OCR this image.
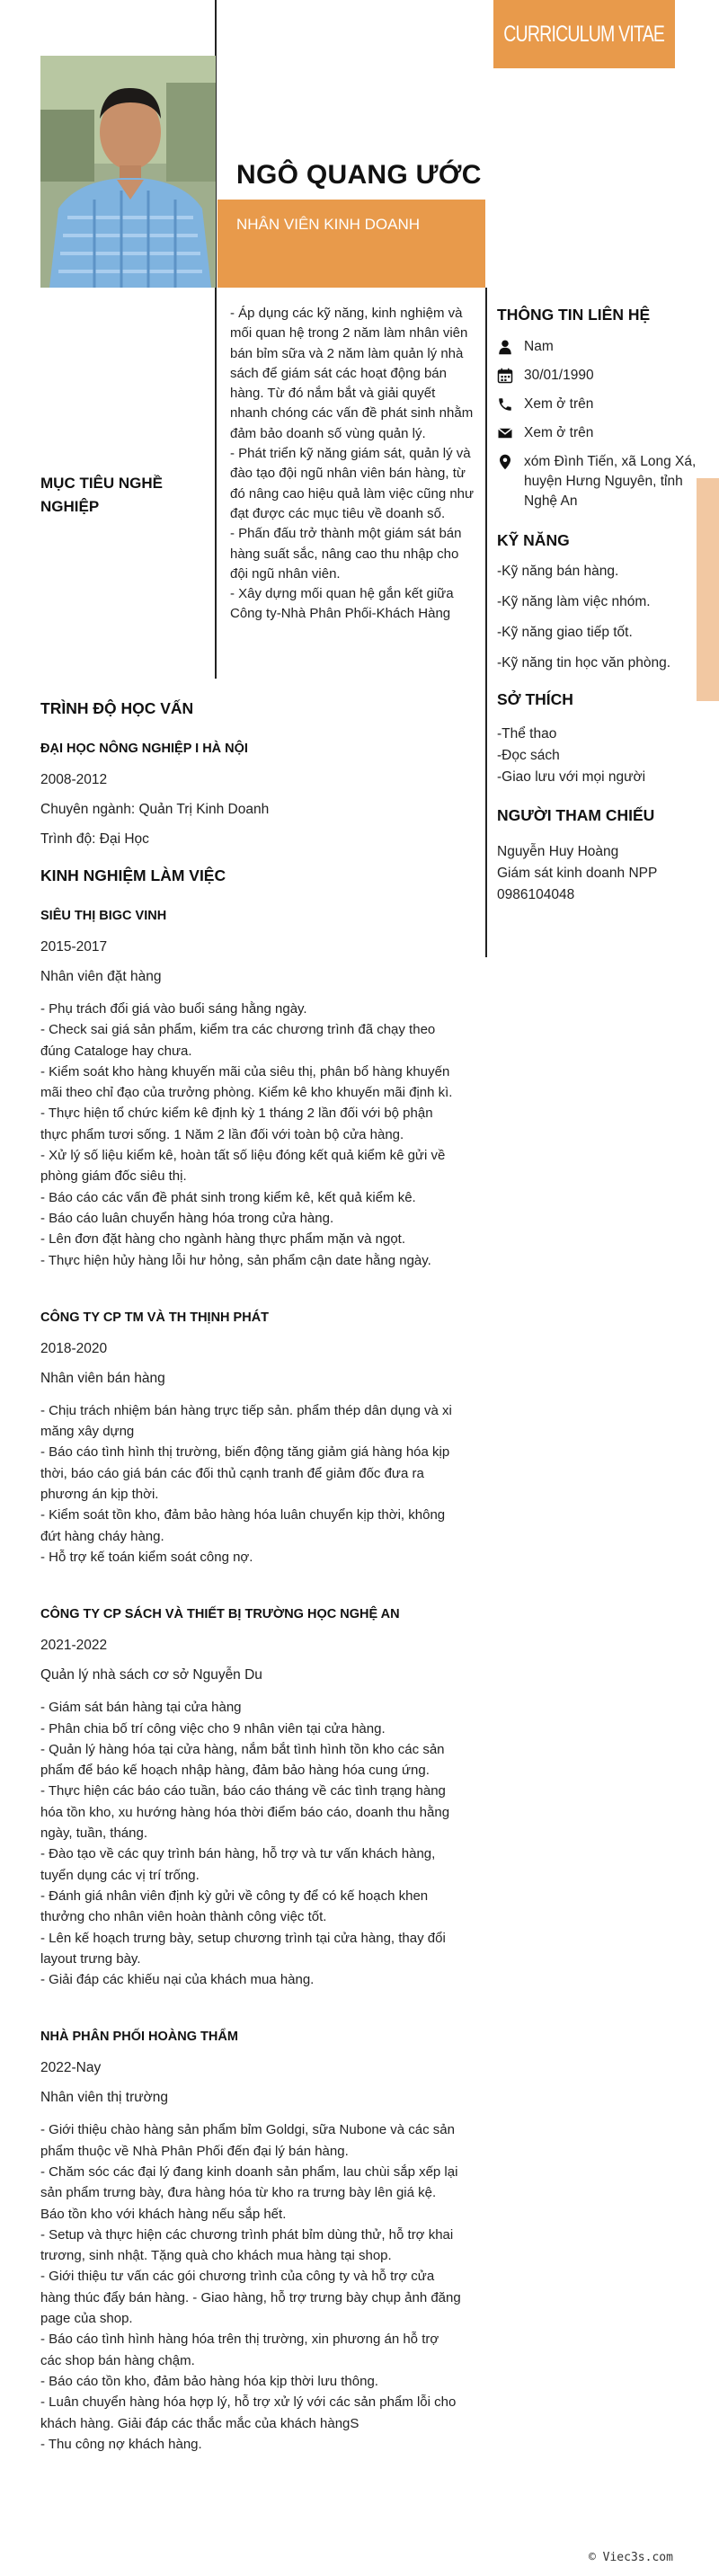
CURRICULUM VITAE
NGÔ QUANG ƯỚC
NHÂN VIÊN KINH DOANH
MỤC TIÊU NGHỀ NGHIỆP

- Áp dụng các kỹ năng, kinh nghiệm và mối quan hệ trong 2 năm làm nhân viên bán bỉm sữa và 2 năm làm quản lý nhà sách để giám sát các hoạt động bán hàng. Từ đó nắm bắt và giải quyết nhanh chóng các vấn đề phát sinh nhằm đảm bảo doanh số vùng quản lý.

- Phát triển kỹ năng giám sát, quản lý và đào tạo đội ngũ nhân viên bán hàng, từ đó nâng cao hiệu quả làm việc cũng như đạt được các mục tiêu về doanh số.

- Phấn đấu trở thành một giám sát bán hàng suất sắc, nâng cao thu nhập cho đội ngũ nhân viên.

- Xây dựng mối quan hệ gắn kết giữa Công ty-Nhà Phân Phối-Khách Hàng

THÔNG TIN LIÊN HỆ
Nam
30/01/1990
Xem ở trên
Xem ở trên
xóm Đình Tiến, xã Long Xá, huyện Hưng Nguyên, tỉnh Nghệ An
KỸ NĂNG
-Kỹ năng bán hàng.
-Kỹ năng làm việc nhóm.
-Kỹ năng giao tiếp tốt.
-Kỹ năng tin học văn phòng.
SỞ THÍCH
-Thể thao
-Đọc sách
-Giao lưu với mọi người
NGƯỜI THAM CHIẾU
Nguyễn Huy Hoàng
Giám sát kinh doanh NPP
0986104048
TRÌNH ĐỘ HỌC VẤN
ĐẠI HỌC NÔNG NGHIỆP I HÀ NỘI
2008-2012
Chuyên ngành: Quản Trị Kinh Doanh
Trình độ: Đại Học
KINH NGHIỆM LÀM VIỆC
SIÊU THỊ BIGC VINH
2015-2017
Nhân viên đặt hàng
- Phụ trách đổi giá vào buổi sáng hằng ngày.
- Check sai giá sản phẩm, kiểm tra các chương trình đã chạy theo đúng Cataloge hay chưa.
- Kiểm soát kho hàng khuyến mãi của siêu thị, phân bổ hàng khuyến mãi theo chỉ đạo của trưởng phòng. Kiểm kê kho khuyến mãi định kì.
- Thực hiện tổ chức kiểm kê định kỳ 1 tháng 2 lần đối với bộ phận thực phẩm tươi sống. 1 Năm 2 lần đối với toàn bộ cửa hàng.
- Xử lý số liệu kiểm kê, hoàn tất số liệu đóng kết quả kiểm kê gửi về phòng giám đốc siêu thị.
- Báo cáo các vấn đề phát sinh trong kiểm kê, kết quả kiểm kê.
- Báo cáo luân chuyển hàng hóa trong cửa hàng.
- Lên đơn đặt hàng cho ngành hàng thực phẩm mặn và ngọt.
- Thực hiện hủy hàng lỗi hư hỏng, sản phẩm cận date hằng ngày.
CÔNG TY CP TM VÀ TH THỊNH PHÁT
2018-2020
Nhân viên bán hàng
- Chịu trách nhiệm bán hàng trực tiếp sản. phẩm thép dân dụng và xi măng xây dựng
- Báo cáo tình hình thị trường, biến động tăng giảm giá hàng hóa kịp thời, báo cáo giá bán các đối thủ cạnh tranh để giảm đốc đưa ra phương án kịp thời.
- Kiểm soát tồn kho, đảm bảo hàng hóa luân chuyển kịp thời, không đứt hàng cháy hàng.
- Hỗ trợ kế toán kiểm soát công nợ.
CÔNG TY CP SÁCH VÀ THIẾT BỊ TRƯỜNG HỌC NGHỆ AN
2021-2022
Quản lý nhà sách cơ sở Nguyễn Du
- Giám sát bán hàng tại cửa hàng
- Phân chia bố trí công việc cho 9 nhân viên tại cửa hàng.
- Quản lý hàng hóa tại cửa hàng, nắm bắt tình hình tồn kho các sản phẩm để báo kế hoạch nhập hàng, đảm bảo hàng hóa cung ứng.
- Thực hiện các báo cáo tuần, báo cáo tháng về các tình trạng hàng hóa tồn kho, xu hướng hàng hóa thời điểm báo cáo, doanh thu hằng ngày, tuần, tháng.
- Đào tạo về các quy trình bán hàng, hỗ trợ và tư vấn khách hàng, tuyển dụng các vị trí trống.
- Đánh giá nhân viên định kỳ gửi về công ty để có kế hoạch khen thưởng cho nhân viên hoàn thành công việc tốt.
- Lên kế hoạch trưng bày, setup chương trình tại cửa hàng, thay đổi layout trưng bày.
- Giải đáp các khiếu nại của khách mua hàng.
NHÀ PHÂN PHỐI HOÀNG THẨM
2022-Nay
Nhân viên thị trường
- Giới thiệu chào hàng sản phẩm bỉm Goldgi, sữa Nubone và các sản phẩm thuộc về Nhà Phân Phối đến đại lý bán hàng.
- Chăm sóc các đại lý đang kinh doanh sản phẩm, lau chùi sắp xếp lại sản phẩm trưng bày, đưa hàng hóa từ kho ra trưng bày lên giá kệ. Báo tồn kho với khách hàng nếu sắp hết.
- Setup và thực hiện các chương trình phát bỉm dùng thử, hỗ trợ khai trương, sinh nhật. Tặng quà cho khách mua hàng tại shop.
- Giới thiệu tư vấn các gói chương trình của công ty và hỗ trợ cửa hàng thúc đẩy bán hàng. - Giao hàng, hỗ trợ trưng bày chụp ảnh đăng page của shop.
- Báo cáo tình hình hàng hóa trên thị trường, xin phương án hỗ trợ các shop bán hàng chậm.
- Báo cáo tồn kho, đảm bảo hàng hóa kịp thời lưu thông.
- Luân chuyển hàng hóa hợp lý, hỗ trợ xử lý với các sản phẩm lỗi cho khách hàng. Giải đáp các thắc mắc của khách hàngS
- Thu công nợ khách hàng.
© Viec3s.com
